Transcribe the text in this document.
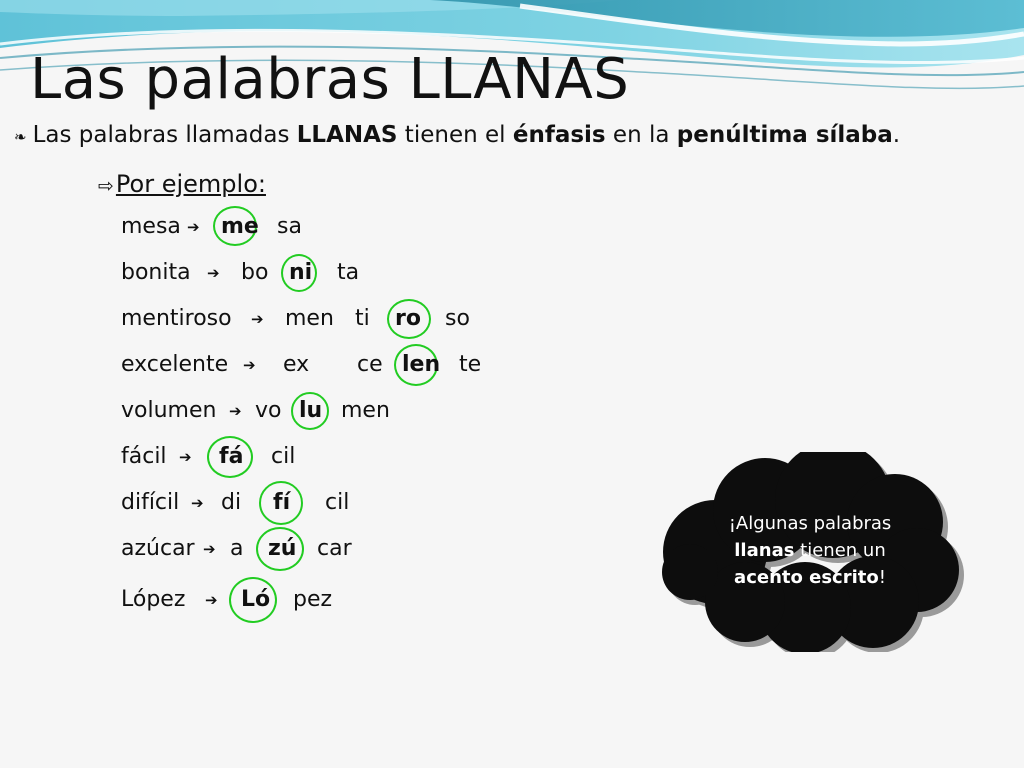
Las palabras LLANAS
❧ Las palabras llamadas LLANAS tienen el énfasis en la penúltima sílaba.
⇨Por ejemplo:
mesa ➔ me sa
bonita ➔ bo ni ta
mentiroso ➔ men ti ro so
excelente ➔ ex ce len te
volumen ➔ vo lu men
fácil ➔ fá cil
difícil ➔ di fí cil
azúcar ➔ a zú car
López ➔ Ló pez
¡Algunas palabras
llanas tienen un
acento escrito!
